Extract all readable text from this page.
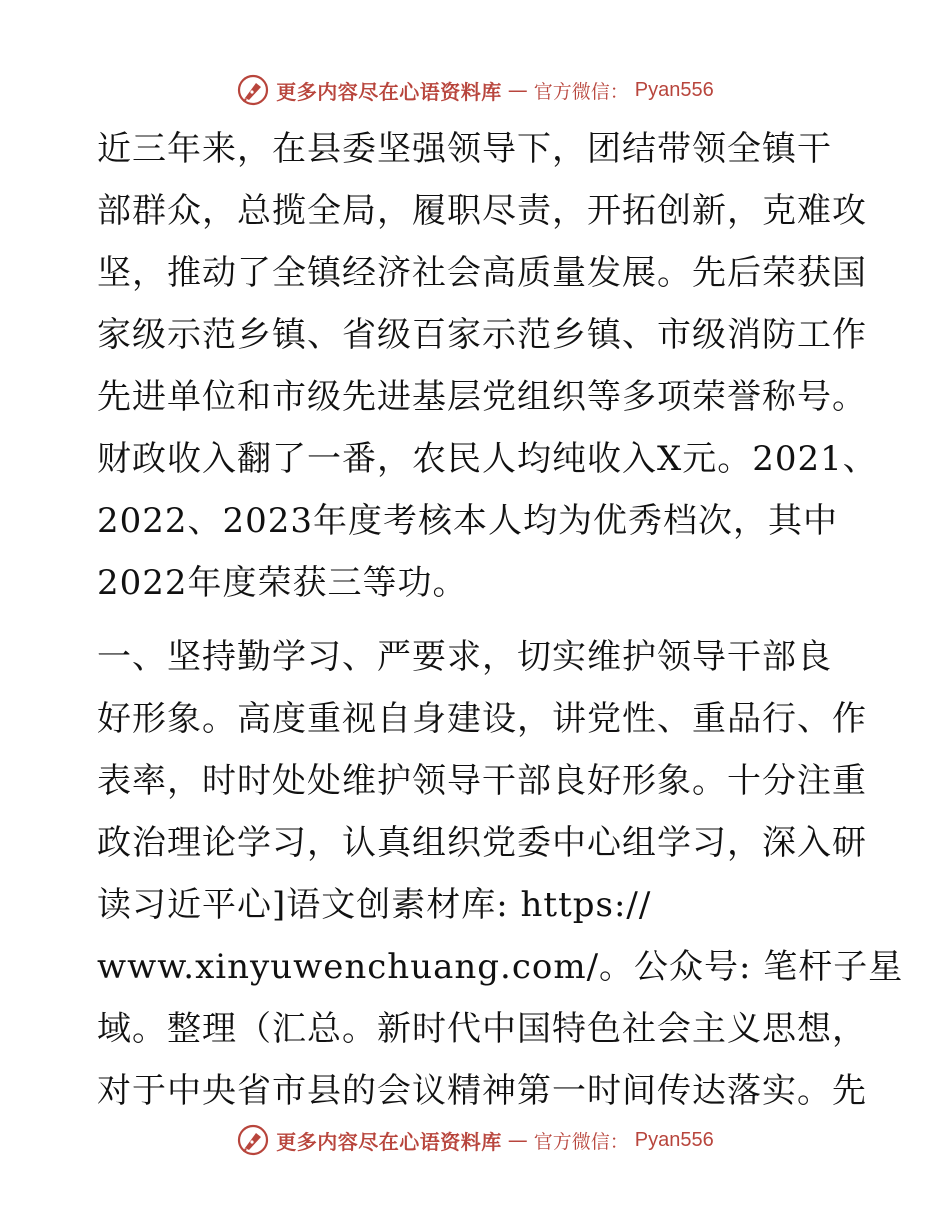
更多内容尽在心语资料库 — 官方微信： Pyan556
近三年来，在县委坚强领导下，团结带领全镇干
部群众，总揽全局，履职尽责，开拓创新，克难攻
坚，推动了全镇经济社会高质量发展。先后荣获国
家级示范乡镇、省级百家示范乡镇、市级消防工作
先进单位和市级先进基层党组织等多项荣誉称号。
财政收入翻了一番，农民人均纯收入X元。2021、
2022、2023年度考核本人均为优秀档次，其中
2022年度荣获三等功。
一、坚持勤学习、严要求，切实维护领导干部良
好形象。高度重视自身建设，讲党性、重品行、作
表率，时时处处维护领导干部良好形象。十分注重
政治理论学习，认真组织党委中心组学习，深入研
读习近平心]语文创素材库: https://
www.xinyuwenchuang.com/。公众号: 笔杆子星
域。整理（汇总。新时代中国特色社会主义思想，
对于中央省市县的会议精神第一时间传达落实。先
更多内容尽在心语资料库 — 官方微信： Pyan556
